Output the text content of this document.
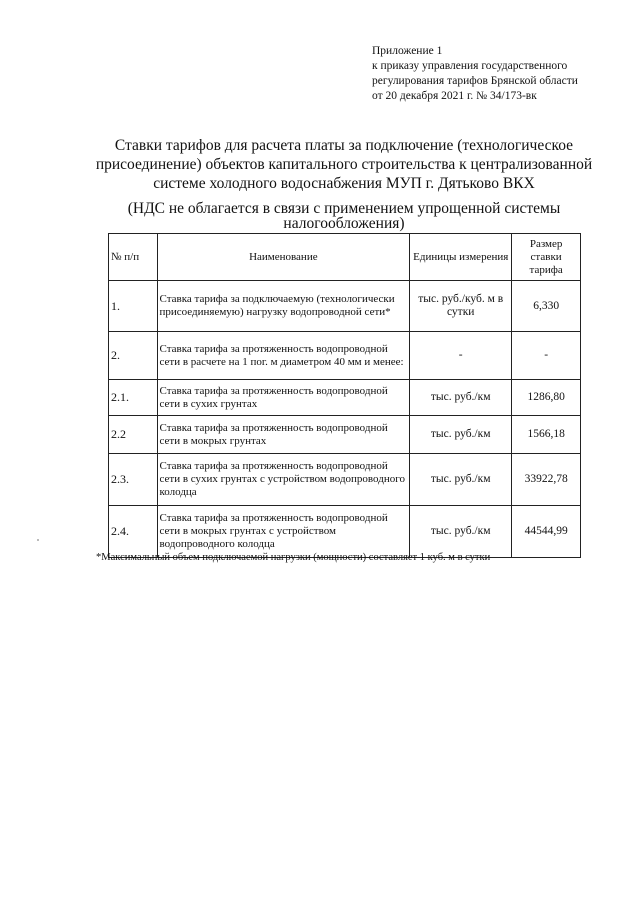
Приложение 1
к приказу управления государственного
регулирования тарифов Брянской области
от 20 декабря 2021 г. № 34/173-вк
Ставки тарифов для расчета платы за подключение (технологическое
присоединение) объектов капитального строительства к централизованной
системе холодного водоснабжения МУП г. Дятьково ВКХ
(НДС не облагается в связи с применением упрощенной системы
налогообложения)
№ п/п	Наименование	Единицы измерения	Размер ставки тарифа
1.	Ставка тарифа за подключаемую (технологически присоединяемую) нагрузку водопроводной сети*	тыс. руб./куб. м в сутки	6,330
2.	Ставка тарифа за протяженность водопроводной сети в расчете на 1 пог. м диаметром 40 мм и менее:	-	-
2.1.	Ставка тарифа за протяженность водопроводной сети в сухих грунтах	тыс. руб./км	1286,80
2.2	Ставка тарифа за протяженность водопроводной сети в мокрых грунтах	тыс. руб./км	1566,18
2.3.	Ставка тарифа за протяженность водопроводной сети в сухих грунтах с устройством водопроводного колодца	тыс. руб./км	33922,78
2.4.	Ставка тарифа за протяженность водопроводной сети в мокрых грунтах с устройством водопроводного колодца	тыс. руб./км	44544,99
*Максимальный объем подключаемой нагрузки (мощности) составляет 1 куб. м в сутки
